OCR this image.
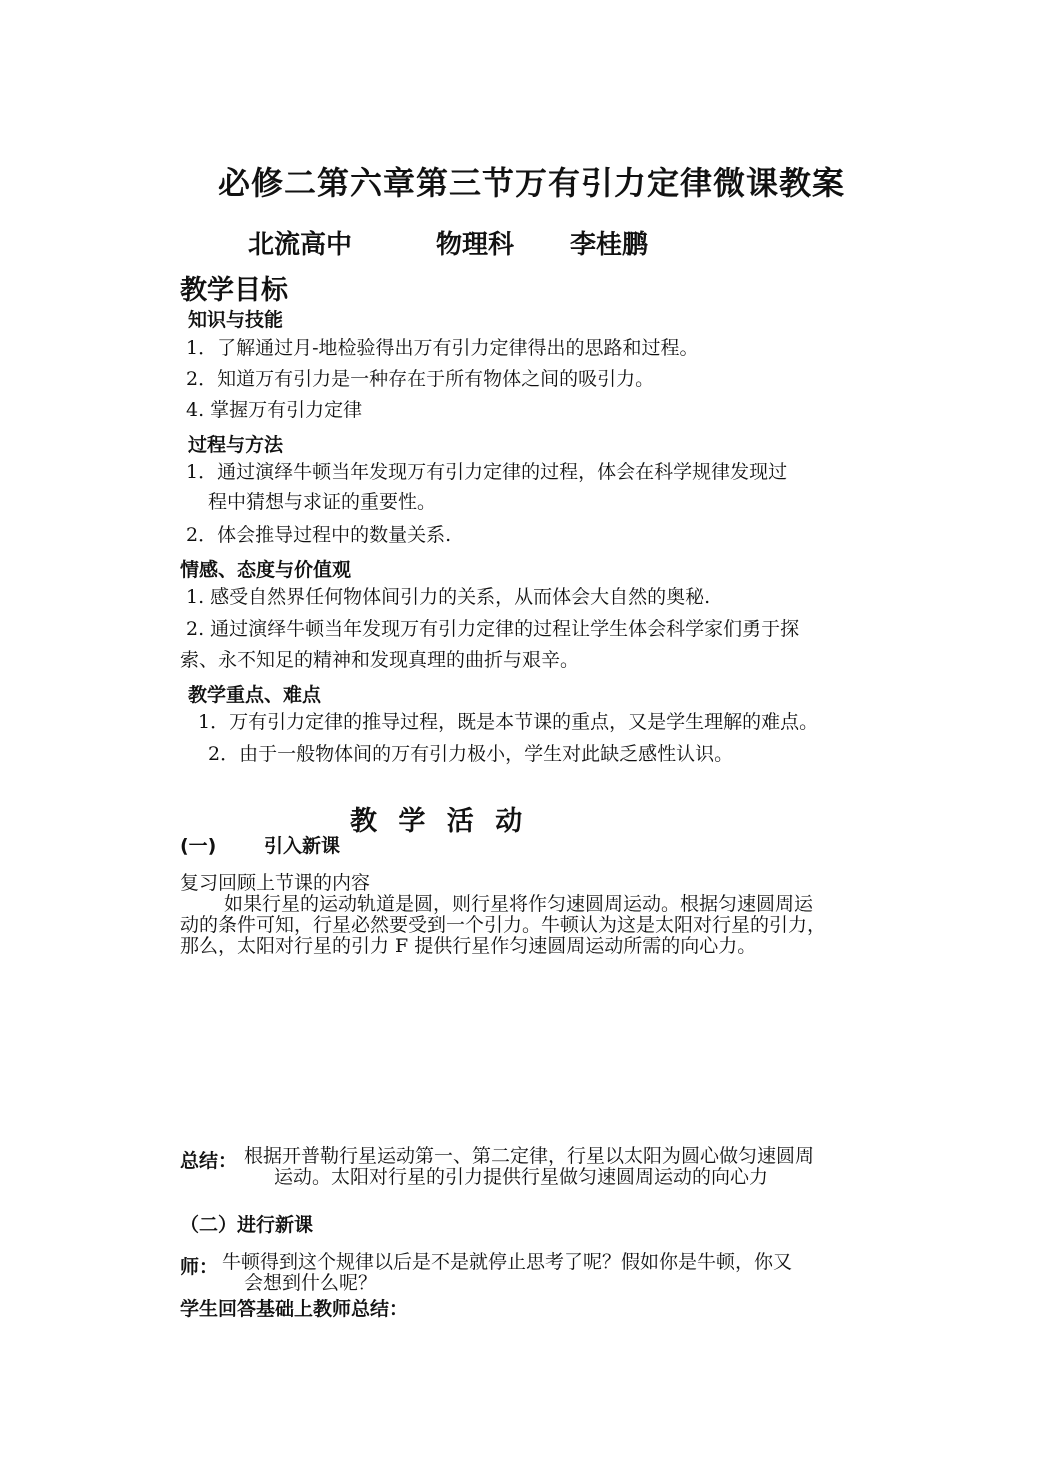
必修二第六章第三节万有引力定律微课教案
北流高中	物理科 李桂鹏
教学目标
知识与技能
1．了解通过月-地检验得出万有引力定律得出的思路和过程。
2．知道万有引力是一种存在于所有物体之间的吸引力。
4. 掌握万有引力定律
过程与方法
1．通过演绎牛顿当年发现万有引力定律的过程，体会在科学规律发现过
程中猜想与求证的重要性。
2．体会推导过程中的数量关系.
情感、态度与价值观
1. 感受自然界任何物体间引力的关系，从而体会大自然的奥秘.
2. 通过演绎牛顿当年发现万有引力定律的过程让学生体会科学家们勇于探
索、永不知足的精神和发现真理的曲折与艰辛。
教学重点、难点
1．万有引力定律的推导过程，既是本节课的重点，又是学生理解的难点。
2．由于一般物体间的万有引力极小，学生对此缺乏感性认识。
教 学 活 动
(一)	引入新课
复习回顾上节课的内容
如果行星的运动轨道是圆，则行星将作匀速圆周运动。根据匀速圆周运
动的条件可知，行星必然要受到一个引力。牛顿认为这是太阳对行星的引力，
那么，太阳对行星的引力 F 提供行星作匀速圆周运动所需的向心力。
总结： 根据开普勒行星运动第一、第二定律，行星以太阳为圆心做匀速圆周
运动。太阳对行星的引力提供行星做匀速圆周运动的向心力
（二）进行新课
师： 牛顿得到这个规律以后是不是就停止思考了呢？假如你是牛顿，你又
会想到什么呢？
学生回答基础上教师总结：
